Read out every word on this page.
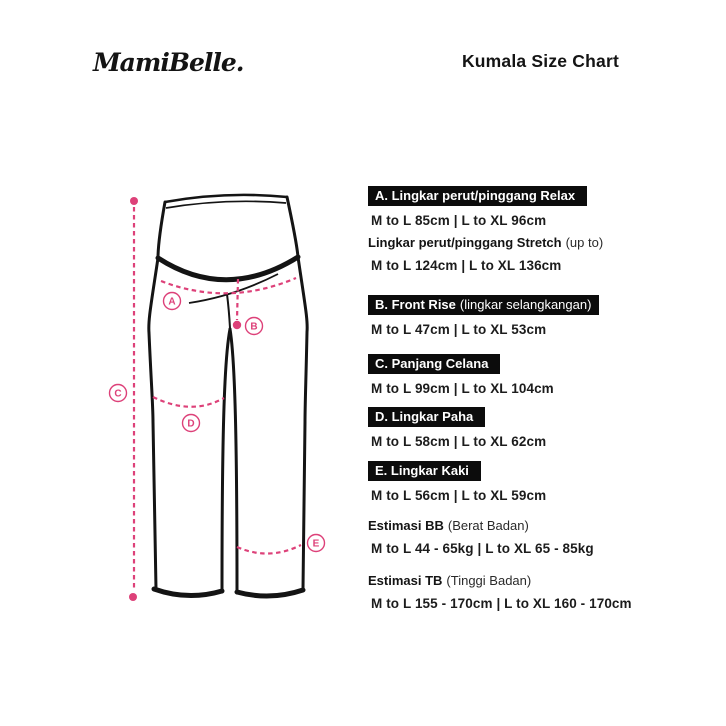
MamiBelle.	Kumala Size Chart
A
B
C
D
E
A. Lingkar perut/pinggang Relax
M to L 85cm | L to XL 96cm
Lingkar perut/pinggang Stretch (up to)
M to L 124cm | L to XL 136cm
B. Front Rise (lingkar selangkangan)
M to L 47cm | L to XL 53cm
C. Panjang Celana
M to L 99cm | L to XL 104cm
D. Lingkar Paha
M to L 58cm | L to XL 62cm
E. Lingkar Kaki
M to L 56cm | L to XL 59cm
Estimasi BB (Berat Badan)
M to L 44 - 65kg | L to XL 65 - 85kg
Estimasi TB (Tinggi Badan)
M to L 155 - 170cm | L to XL 160 - 170cm
